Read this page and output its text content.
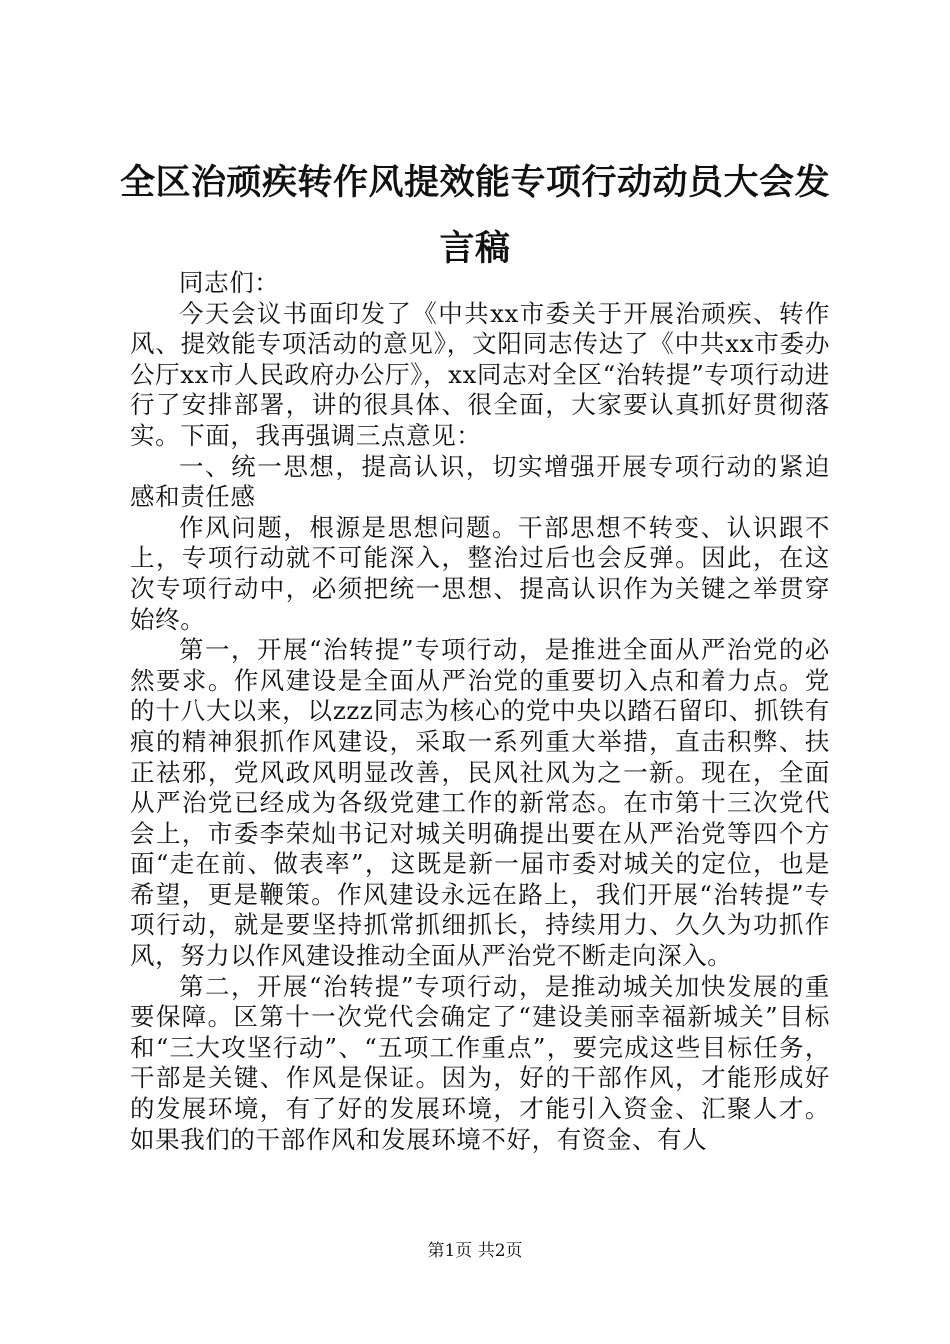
全区治顽疾转作风提效能专项行动动员大会发言稿

同志们：

今天会议书面印发了《中共xx市委关于开展治顽疾、转作风、提效能专项活动的意见》，文阳同志传达了《中共xx市委办公厅xx市人民政府办公厅》，xx同志对全区“治转提”专项行动进行了安排部署，讲的很具体、很全面，大家要认真抓好贯彻落实。下面，我再强调三点意见：

一、统一思想，提高认识，切实增强开展专项行动的紧迫感和责任感

作风问题，根源是思想问题。干部思想不转变、认识跟不上，专项行动就不可能深入，整治过后也会反弹。因此，在这次专项行动中，必须把统一思想、提高认识作为关键之举贯穿始终。

第一，开展“治转提”专项行动，是推进全面从严治党的必然要求。作风建设是全面从严治党的重要切入点和着力点。党的十八大以来，以zzz同志为核心的党中央以踏石留印、抓铁有痕的精神狠抓作风建设，采取一系列重大举措，直击积弊、扶正祛邪，党风政风明显改善，民风社风为之一新。现在，全面从严治党已经成为各级党建工作的新常态。在市第十三次党代会上，市委李荣灿书记对城关明确提出要在从严治党等四个方面“走在前、做表率”，这既是新一届市委对城关的定位，也是希望，更是鞭策。作风建设永远在路上，我们开展“治转提”专项行动，就是要坚持抓常抓细抓长，持续用力、久久为功抓作风，努力以作风建设推动全面从严治党不断走向深入。

第二，开展“治转提”专项行动，是推动城关加快发展的重要保障。区第十一次党代会确定了“建设美丽幸福新城关”目标和“三大攻坚行动”、“五项工作重点”，要完成这些目标任务，干部是关键、作风是保证。因为，好的干部作风，才能形成好的发展环境，有了好的发展环境，才能引入资金、汇聚人才。如果我们的干部作风和发展环境不好，有资金、有人

第1页 共2页
